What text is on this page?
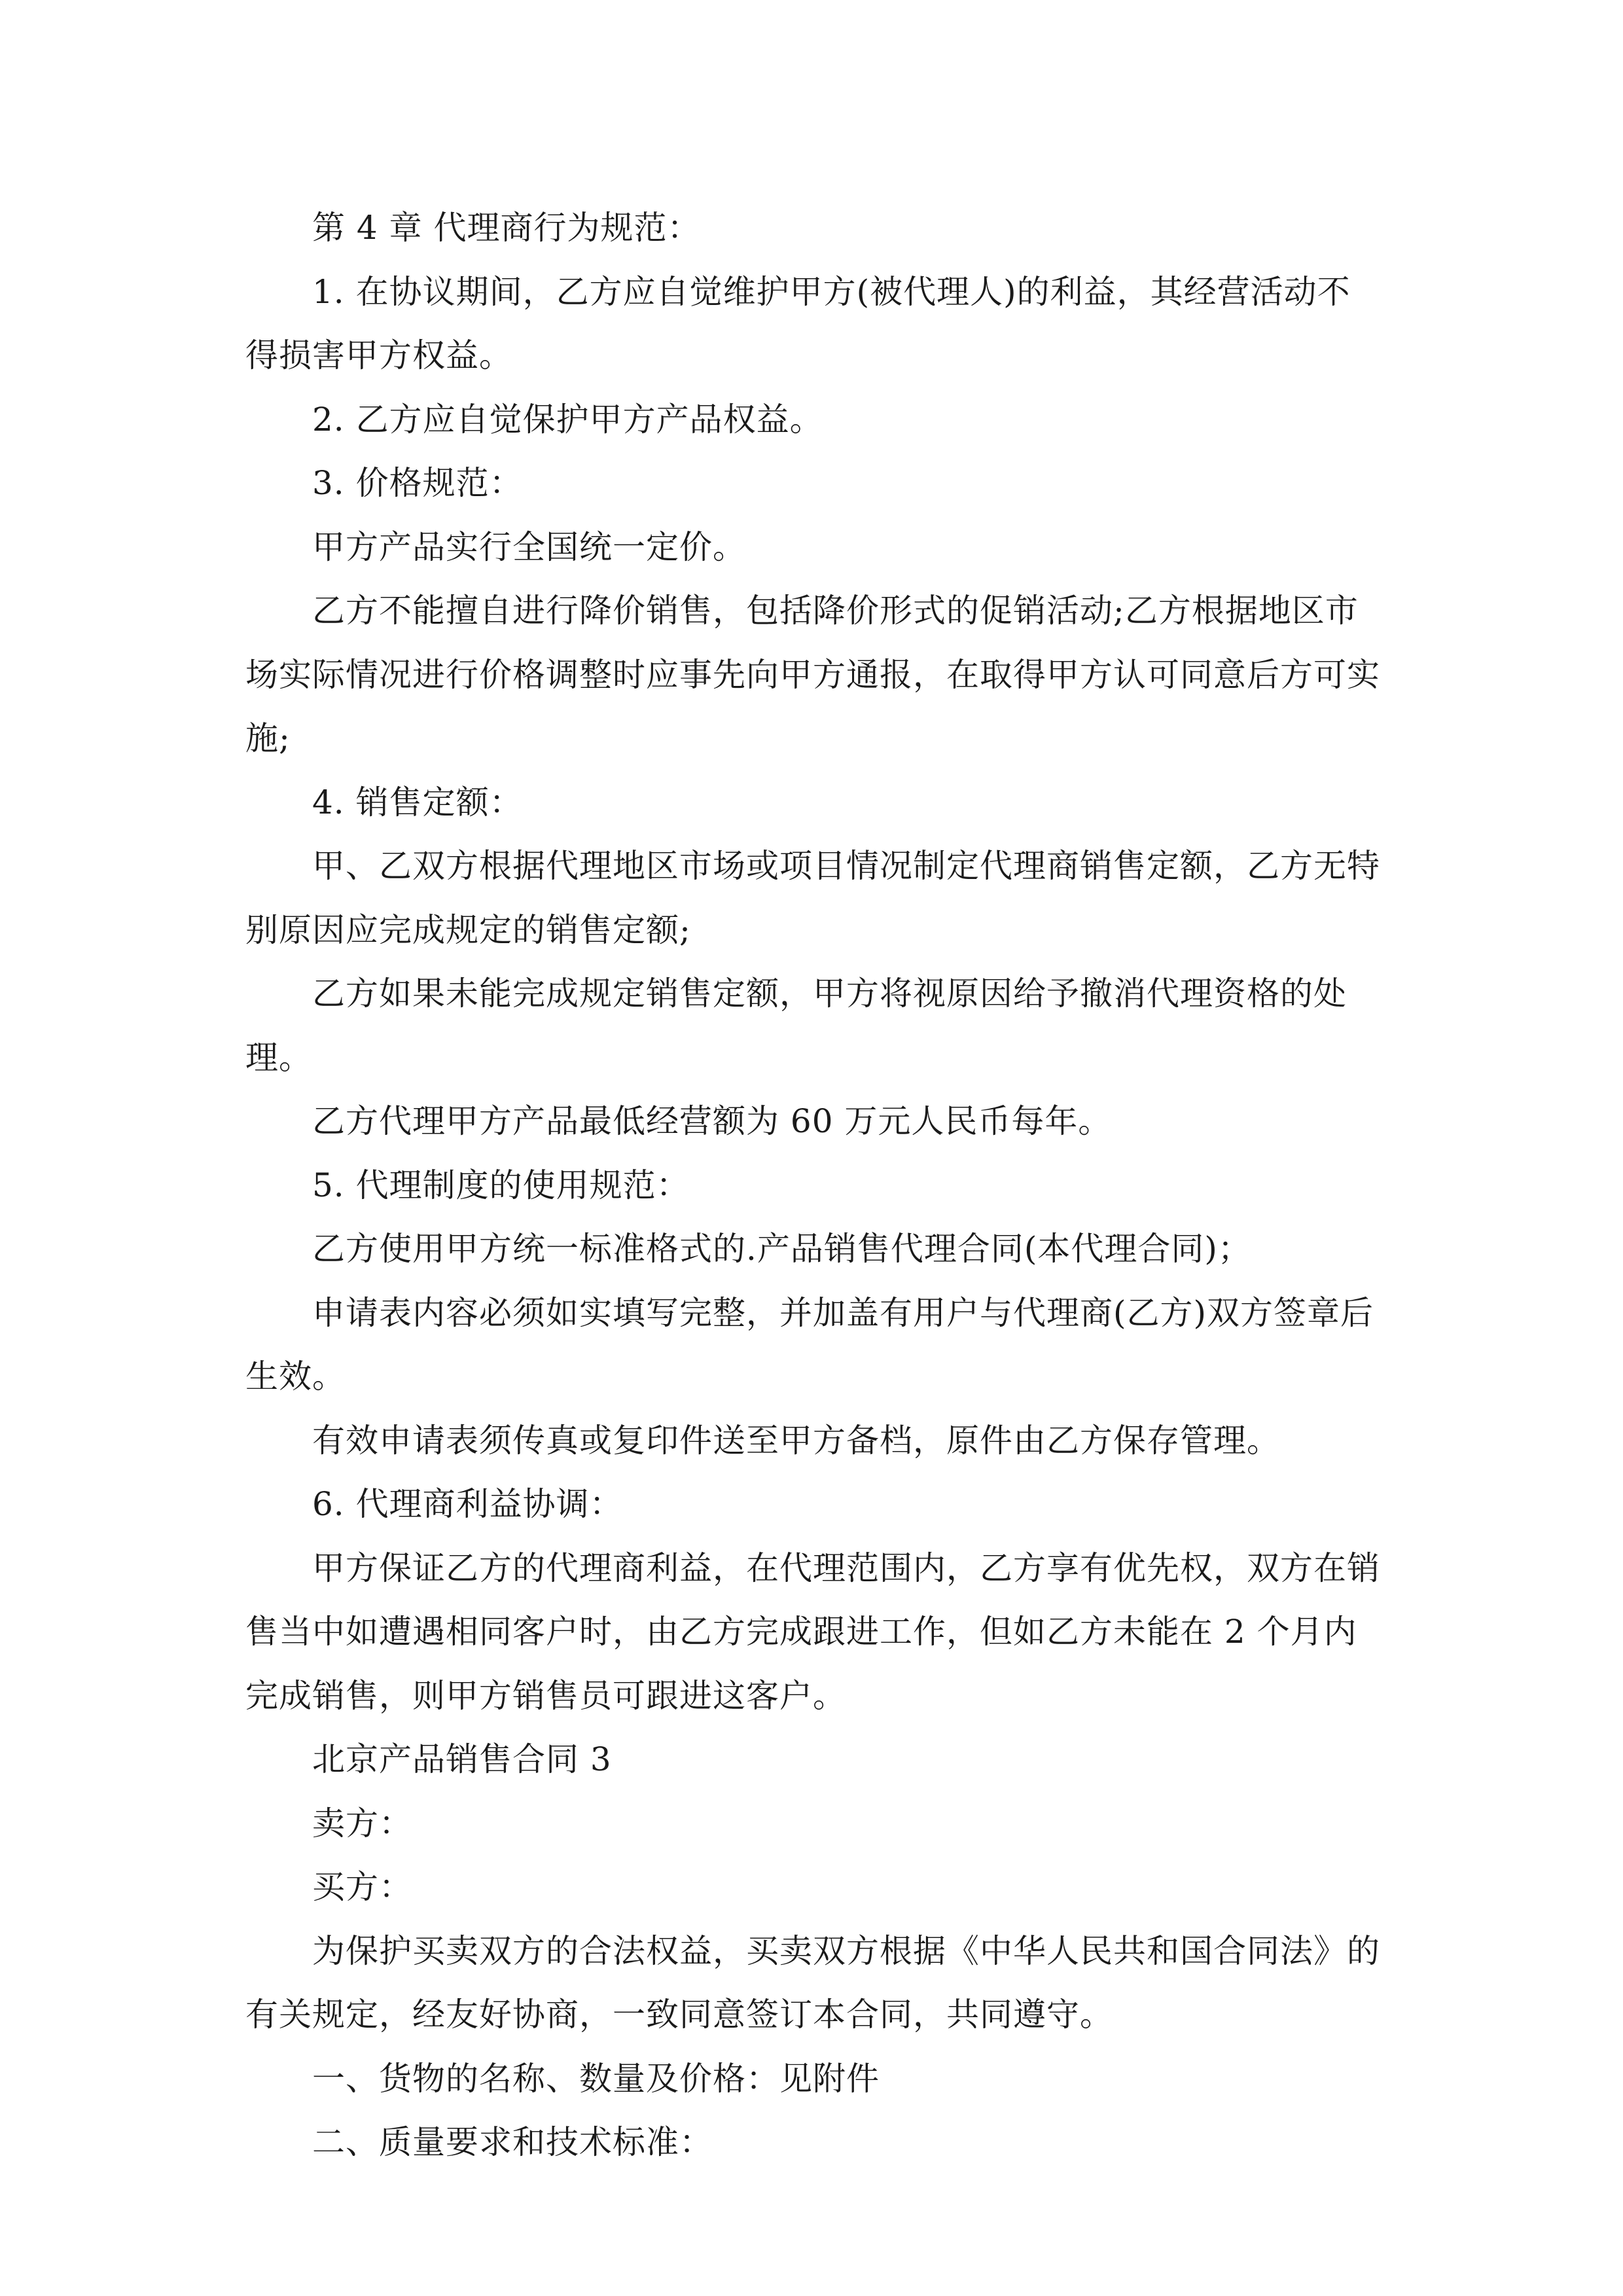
第 4 章 代理商行为规范：

1. 在协议期间，乙方应自觉维护甲方(被代理人)的利益，其经营活动不得损害甲方权益。

2. 乙方应自觉保护甲方产品权益。

3. 价格规范：

甲方产品实行全国统一定价。

乙方不能擅自进行降价销售，包括降价形式的促销活动;乙方根据地区市场实际情况进行价格调整时应事先向甲方通报，在取得甲方认可同意后方可实施;

4. 销售定额：

甲、乙双方根据代理地区市场或项目情况制定代理商销售定额，乙方无特别原因应完成规定的销售定额;

乙方如果未能完成规定销售定额，甲方将视原因给予撤消代理资格的处理。

乙方代理甲方产品最低经营额为 60 万元人民币每年。

5. 代理制度的使用规范：

乙方使用甲方统一标准格式的.产品销售代理合同(本代理合同)；

申请表内容必须如实填写完整，并加盖有用户与代理商(乙方)双方签章后生效。

有效申请表须传真或复印件送至甲方备档，原件由乙方保存管理。

6. 代理商利益协调：

甲方保证乙方的代理商利益，在代理范围内，乙方享有优先权，双方在销售当中如遭遇相同客户时，由乙方完成跟进工作，但如乙方未能在 2 个月内完成销售，则甲方销售员可跟进这客户。

北京产品销售合同 3

卖方：

买方：

为保护买卖双方的合法权益，买卖双方根据《中华人民共和国合同法》的有关规定，经友好协商，一致同意签订本合同，共同遵守。

一、货物的名称、数量及价格：见附件

二、质量要求和技术标准：
